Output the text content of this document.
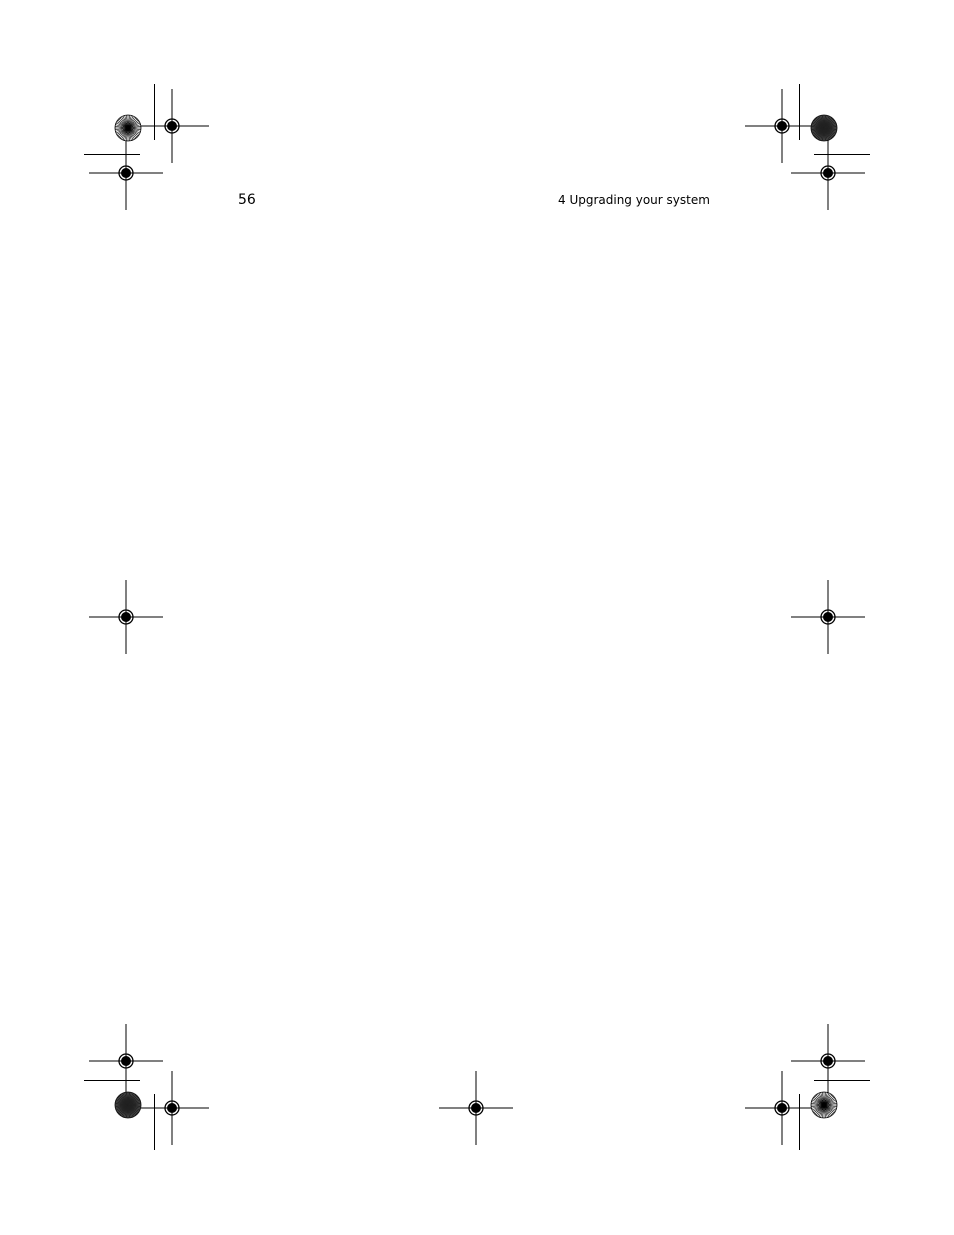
56	4 Upgrading your system
